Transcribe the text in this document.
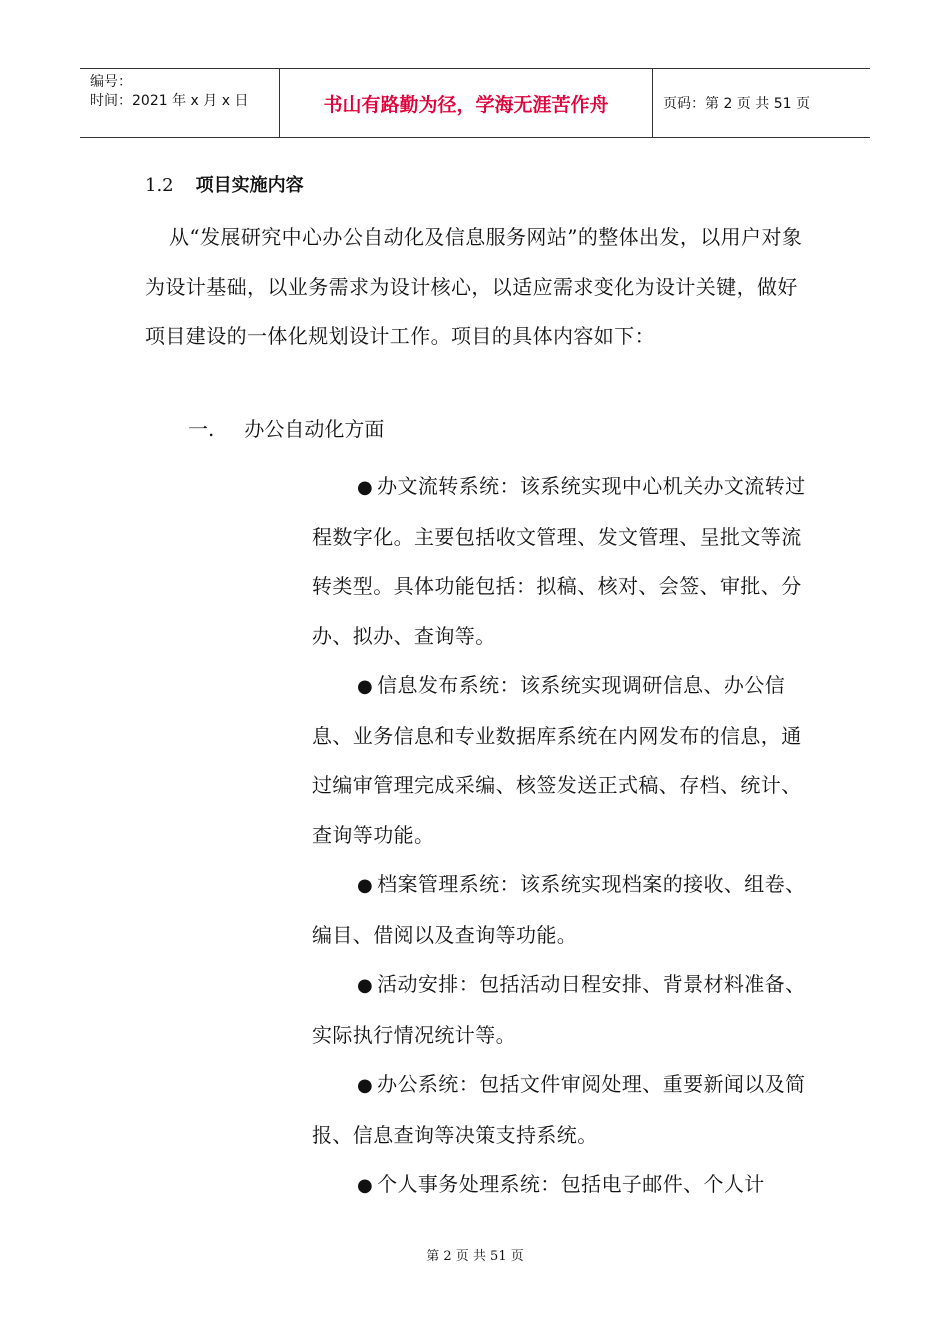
编号：
时间：2021 年 x 月 x 日	书山有路勤为径，学海无涯苦作舟	页码：第 2 页 共 51 页
1.2 项目实施内容

从“发展研究中心办公自动化及信息服务网站”的整体出发，以用户对象为设计基础，以业务需求为设计核心，以适应需求变化为设计关键，做好项目建设的一体化规划设计工作。项目的具体内容如下：

一. 办公自动化方面
● 办文流转系统：该系统实现中心机关办文流转过程数字化。主要包括收文管理、发文管理、呈批文等流转类型。具体功能包括：拟稿、核对、会签、审批、分办、拟办、查询等。
● 信息发布系统：该系统实现调研信息、办公信息、业务信息和专业数据库系统在内网发布的信息，通过编审管理完成采编、核签发送正式稿、存档、统计、查询等功能。
● 档案管理系统：该系统实现档案的接收、组卷、编目、借阅以及查询等功能。
● 活动安排：包括活动日程安排、背景材料准备、实际执行情况统计等。
● 办公系统：包括文件审阅处理、重要新闻以及简报、信息查询等决策支持系统。
● 个人事务处理系统：包括电子邮件、个人计
第 2 页 共 51 页
